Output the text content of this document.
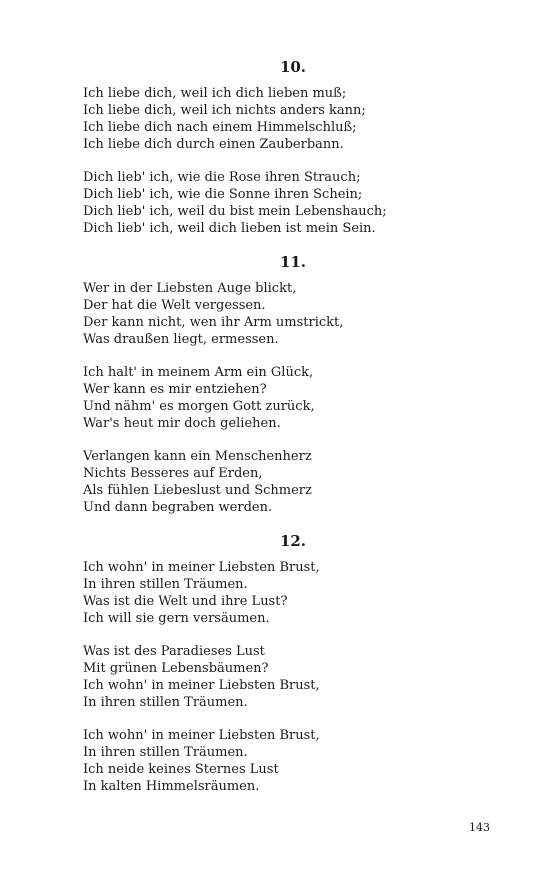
10.
Ich liebe dich, weil ich dich lieben muß;
Ich liebe dich, weil ich nichts anders kann;
Ich liebe dich nach einem Himmelschluß;
Ich liebe dich durch einen Zauberbann.
Dich lieb' ich, wie die Rose ihren Strauch;
Dich lieb' ich, wie die Sonne ihren Schein;
Dich lieb' ich, weil du bist mein Lebenshauch;
Dich lieb' ich, weil dich lieben ist mein Sein.
11.
Wer in der Liebsten Auge blickt,
Der hat die Welt vergessen.
Der kann nicht, wen ihr Arm umstrickt,
Was draußen liegt, ermessen.
Ich halt' in meinem Arm ein Glück,
Wer kann es mir entziehen?
Und nähm' es morgen Gott zurück,
War's heut mir doch geliehen.
Verlangen kann ein Menschenherz
Nichts Besseres auf Erden,
Als fühlen Liebeslust und Schmerz
Und dann begraben werden.
12.
Ich wohn' in meiner Liebsten Brust,
In ihren stillen Träumen.
Was ist die Welt und ihre Lust?
Ich will sie gern versäumen.
Was ist des Paradieses Lust
Mit grünen Lebensbäumen?
Ich wohn' in meiner Liebsten Brust,
In ihren stillen Träumen.
Ich wohn' in meiner Liebsten Brust,
In ihren stillen Träumen.
Ich neide keines Sternes Lust
In kalten Himmelsräumen.
143
